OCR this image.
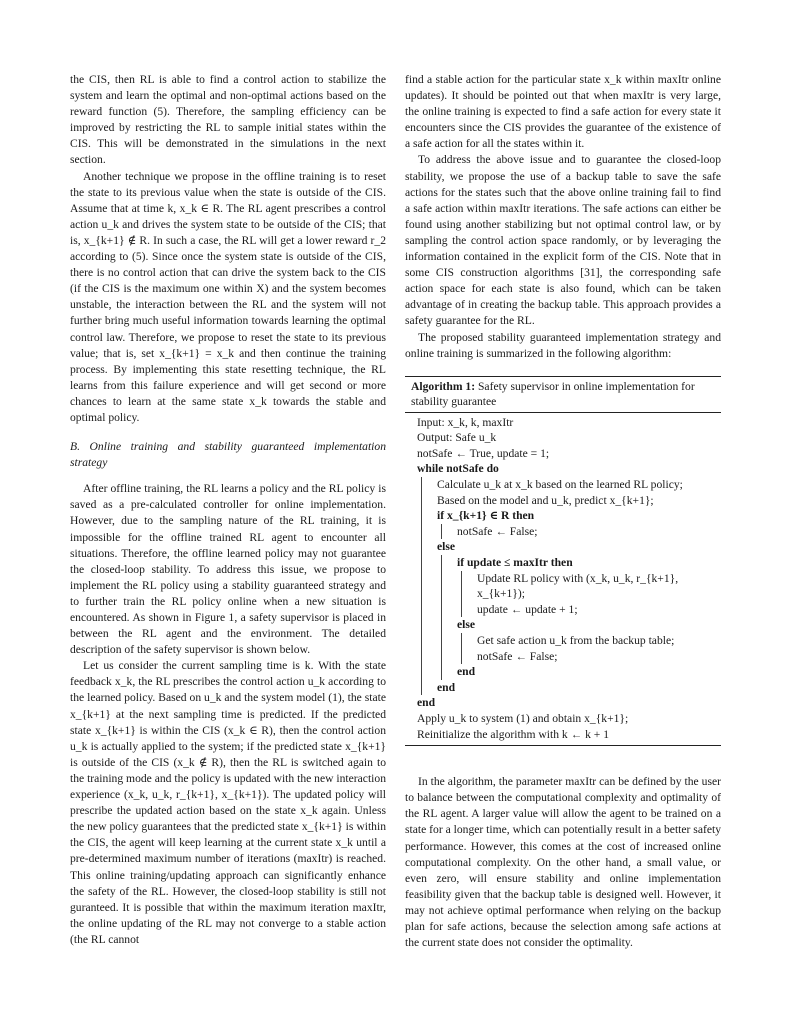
the CIS, then RL is able to find a control action to stabilize the system and learn the optimal and non-optimal actions based on the reward function (5). Therefore, the sampling efficiency can be improved by restricting the RL to sample initial states within the CIS. This will be demonstrated in the simulations in the next section.

Another technique we propose in the offline training is to reset the state to its previous value when the state is outside of the CIS. Assume that at time k, x_k ∈ R. The RL agent prescribes a control action u_k and drives the system state to be outside of the CIS; that is, x_{k+1} ∉ R. In such a case, the RL will get a lower reward r_2 according to (5). Since once the system state is outside of the CIS, there is no control action that can drive the system back to the CIS (if the CIS is the maximum one within X) and the system becomes unstable, the interaction between the RL and the system will not further bring much useful information towards learning the optimal control law. Therefore, we propose to reset the state to its previous value; that is, set x_{k+1} = x_k and then continue the training process. By implementing this state resetting technique, the RL learns from this failure experience and will get second or more chances to learn at the same state x_k towards the stable and optimal policy.

B. Online training and stability guaranteed implementation strategy

After offline training, the RL learns a policy and the RL policy is saved as a pre-calculated controller for online implementation. However, due to the sampling nature of the RL training, it is impossible for the offline trained RL agent to encounter all situations. Therefore, the offline learned policy may not guarantee the closed-loop stability. To address this issue, we propose to implement the RL policy using a stability guaranteed strategy and to further train the RL policy online when a new situation is encountered. As shown in Figure 1, a safety supervisor is placed in between the RL agent and the environment. The detailed description of the safety supervisor is shown below.

Let us consider the current sampling time is k. With the state feedback x_k, the RL prescribes the control action u_k according to the learned policy. Based on u_k and the system model (1), the state x_{k+1} at the next sampling time is predicted. If the predicted state x_{k+1} is within the CIS (x_k ∈ R), then the control action u_k is actually applied to the system; if the predicted state x_{k+1} is outside of the CIS (x_k ∉ R), then the RL is switched again to the training mode and the policy is updated with the new interaction experience (x_k, u_k, r_{k+1}, x_{k+1}). The updated policy will prescribe the updated action based on the state x_k again. Unless the new policy guarantees that the predicted state x_{k+1} is within the CIS, the agent will keep learning at the current state x_k until a pre-determined maximum number of iterations (maxItr) is reached. This online training/updating approach can significantly enhance the safety of the RL. However, the closed-loop stability is still not guranteed. It is possible that within the maximum iteration maxItr, the online updating of the RL may not converge to a stable action (the RL cannot

find a stable action for the particular state x_k within maxItr online updates). It should be pointed out that when maxItr is very large, the online training is expected to find a safe action for every state it encounters since the CIS provides the guarantee of the existence of a safe action for all the states within it.

To address the above issue and to guarantee the closed-loop stability, we propose the use of a backup table to save the safe actions for the states such that the above online training fail to find a safe action within maxItr iterations. The safe actions can either be found using another stabilizing but not optimal control law, or by sampling the control action space randomly, or by leveraging the information contained in the explicit form of the CIS. Note that in some CIS construction algorithms [31], the corresponding safe action space for each state is also found, which can be taken advantage of in creating the backup table. This approach provides a safety guarantee for the RL.

The proposed stability guaranteed implementation strategy and online training is summarized in the following algorithm:

Algorithm 1: Safety supervisor in online implementation for stability guarantee
Input: x_k, k, maxItr
Output: Safe u_k
notSafe ← True, update = 1;
while notSafe do
Calculate u_k at x_k based on the learned RL policy;
Based on the model and u_k, predict x_{k+1};
if x_{k+1} ∈ R then
notSafe ← False;
else
if update ≤ maxItr then
Update RL policy with (x_k, u_k, r_{k+1}, x_{k+1});
update ← update + 1;
else
Get safe action u_k from the backup table;
notSafe ← False;
end
end
end
Apply u_k to system (1) and obtain x_{k+1};
Reinitialize the algorithm with k ← k + 1

In the algorithm, the parameter maxItr can be defined by the user to balance between the computational complexity and optimality of the RL agent. A larger value will allow the agent to be trained on a state for a longer time, which can potentially result in a better safety performance. However, this comes at the cost of increased online computational complexity. On the other hand, a small value, or even zero, will ensure stability and online implementation feasibility given that the backup table is designed well. However, it may not achieve optimal performance when relying on the backup plan for safe actions, because the selection among safe actions at the current state does not consider the optimality.
